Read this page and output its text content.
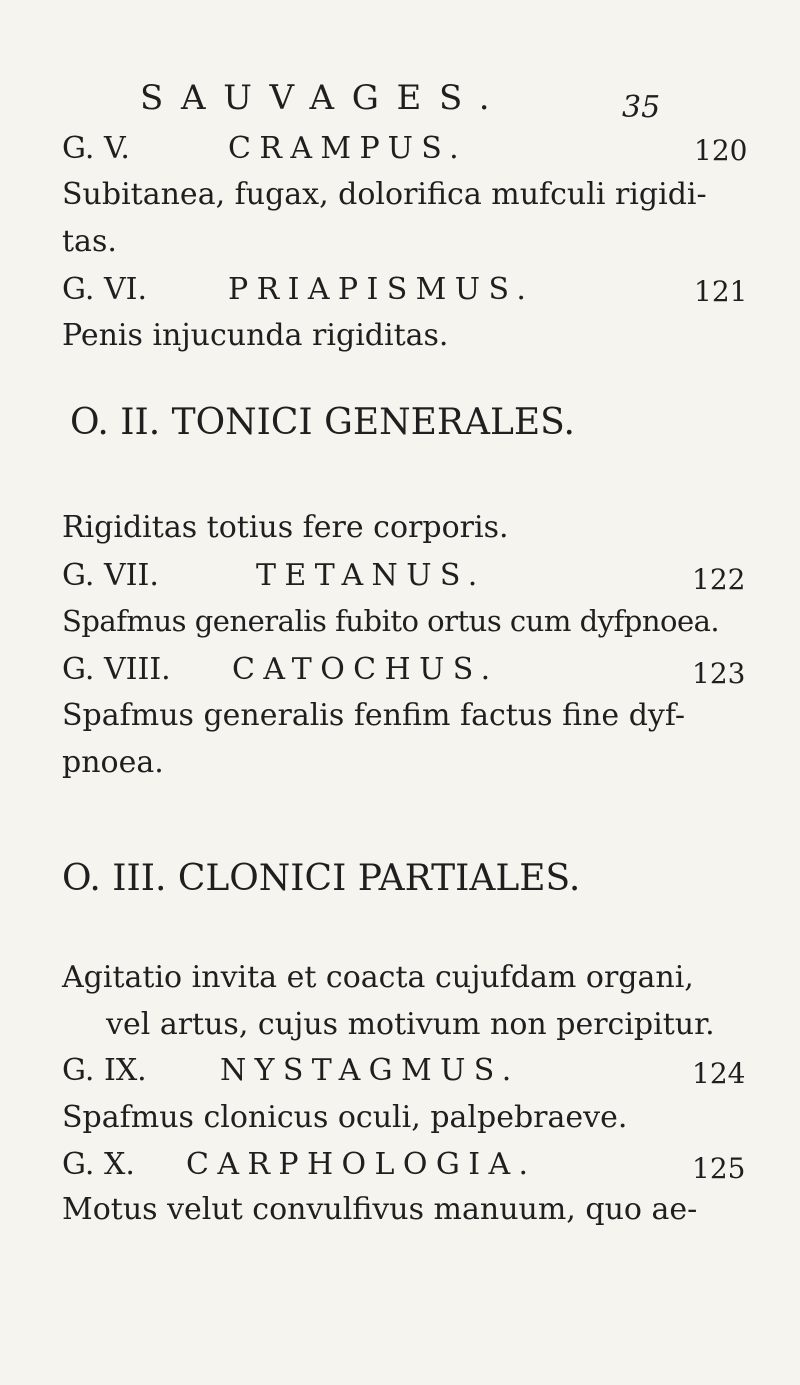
SAUVAGES.	35
G. V.	CRAMPUS.	120
Subitanea, fugax, dolorifica mufculi rigidi-
tas.
G. VI.	PRIAPISMUS.	121
Penis injucunda rigiditas.
O. II. TONICI GENERALES.
Rigiditas totius fere corporis.
G. VII.	TETANUS.	122
Spafmus generalis fubito ortus cum dyfpnoea.
G. VIII. CATOCHUS.	123
Spafmus generalis fenfim factus fine dyf-
pnoea.
O. III. CLONICI PARTIALES.
Agitatio invita et coacta cujufdam organi,
vel artus, cujus motivum non percipitur.
G. IX. NYSTAGMUS.	124
Spafmus clonicus oculi, palpebraeve.
G. X. CARPHOLOGIA.	125
Motus velut convulfivus manuum, quo ae-
